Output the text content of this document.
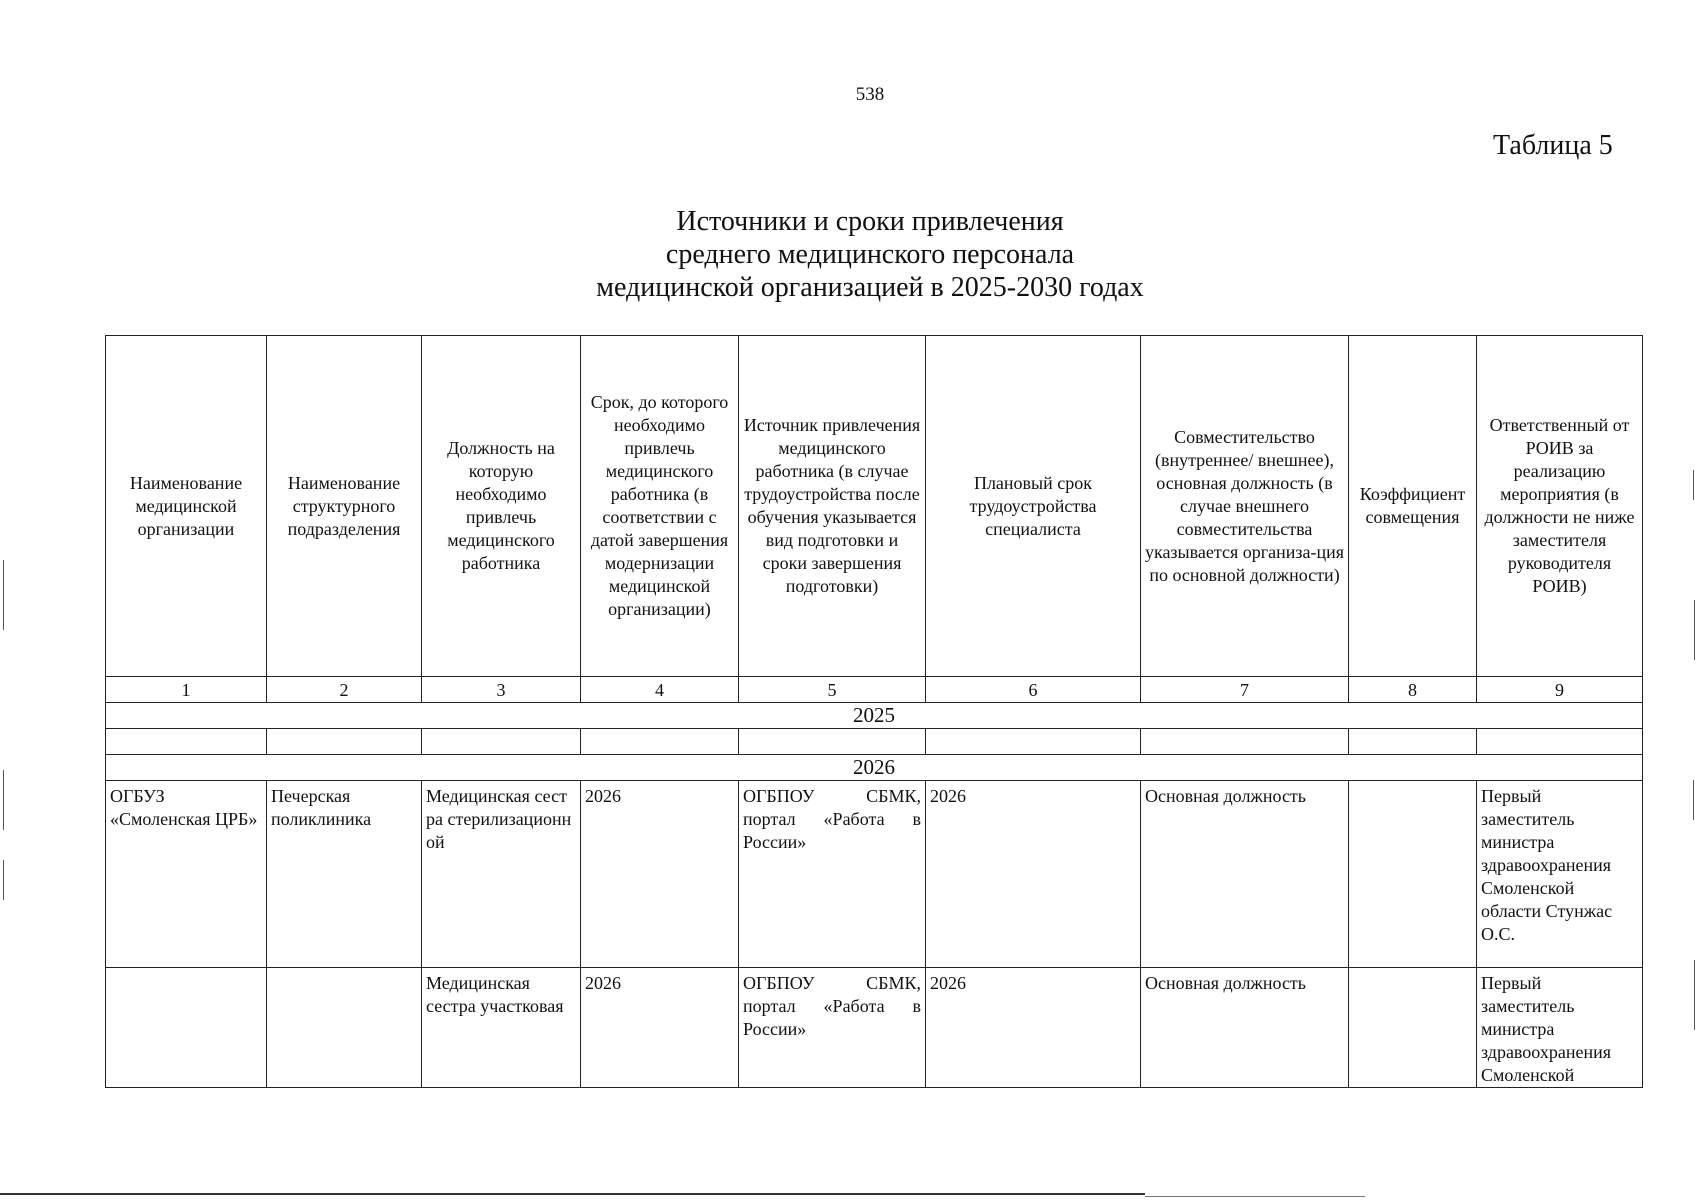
538
Таблица 5
Источники и сроки привлечения
среднего медицинского персонала
медицинской организацией в 2025-2030 годах
Наименование медицинской организации	Наименование структурного подразделения	Должность на которую необходимо привлечь медицинского работника	Срок, до которого необходимо привлечь медицинского работника (в соответствии с датой завершения модернизации медицинской организации)	Источник привлечения медицинского работника (в случае трудоустройства после обучения указывается вид подготовки и сроки завершения подготовки)	Плановый срок трудоустройства специалиста	Совместительство (внутреннее/ внешнее), основная должность (в случае внешнего совместительства указывается организа-ция по основной должности)	Коэффициент совмещения	Ответственный от РОИВ за реализацию мероприятия (в должности не ниже заместителя руководителя РОИВ)
1	2	3	4	5	6	7	8	9
2025								

2026								
ОГБУЗ «Смоленская ЦРБ»	Печерская поликлиника	Медицинская сестра стерилизационной	2026	ОГБПОУ СБМК, портал «Работа в России»	2026	Основная должность		Первый заместитель министра здравоохранения Смоленской области Стунжас О.С.
		Медицинская сестра участковая	2026	ОГБПОУ СБМК, портал «Работа в России»	2026	Основная должность		Первый заместитель министра здравоохранения Смоленской
